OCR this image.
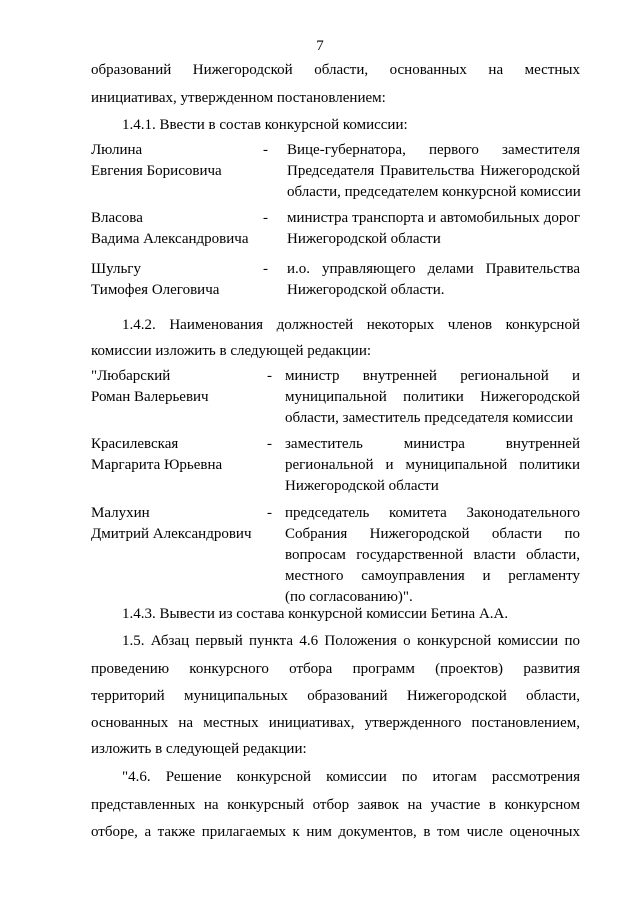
7
образований Нижегородской области, основанных на местных
инициативах, утвержденном постановлением:
1.4.1. Ввести в состав конкурсной комиссии:
Люлина
Евгения Борисовича
- Вице-губернатора, первого заместителя
Председателя Правительства Нижегородской
области, председателем конкурсной комиссии
Власова
Вадима Александровича
- министра транспорта и автомобильных дорог
Нижегородской области
Шульгу
Тимофея Олеговича
- и.о. управляющего делами Правительства
Нижегородской области.
1.4.2. Наименования должностей некоторых членов конкурсной
комиссии изложить в следующей редакции:
"Любарский
Роман Валерьевич
- министр внутренней региональной и
муниципальной политики Нижегородской
области, заместитель председателя комиссии
Красилевская
Маргарита Юрьевна
- заместитель министра внутренней
региональной и муниципальной политики
Нижегородской области
Малухин
Дмитрий Александрович
- председатель комитета Законодательного
Собрания Нижегородской области по
вопросам государственной власти области,
местного самоуправления и регламенту
(по согласованию)".
1.4.3. Вывести из состава конкурсной комиссии Бетина А.А.
1.5. Абзац первый пункта 4.6 Положения о конкурсной комиссии по
проведению конкурсного отбора программ (проектов) развития
территорий муниципальных образований Нижегородской области,
основанных на местных инициативах, утвержденного постановлением,
изложить в следующей редакции:
"4.6. Решение конкурсной комиссии по итогам рассмотрения
представленных на конкурсный отбор заявок на участие в конкурсном
отборе, а также прилагаемых к ним документов, в том числе оценочных
